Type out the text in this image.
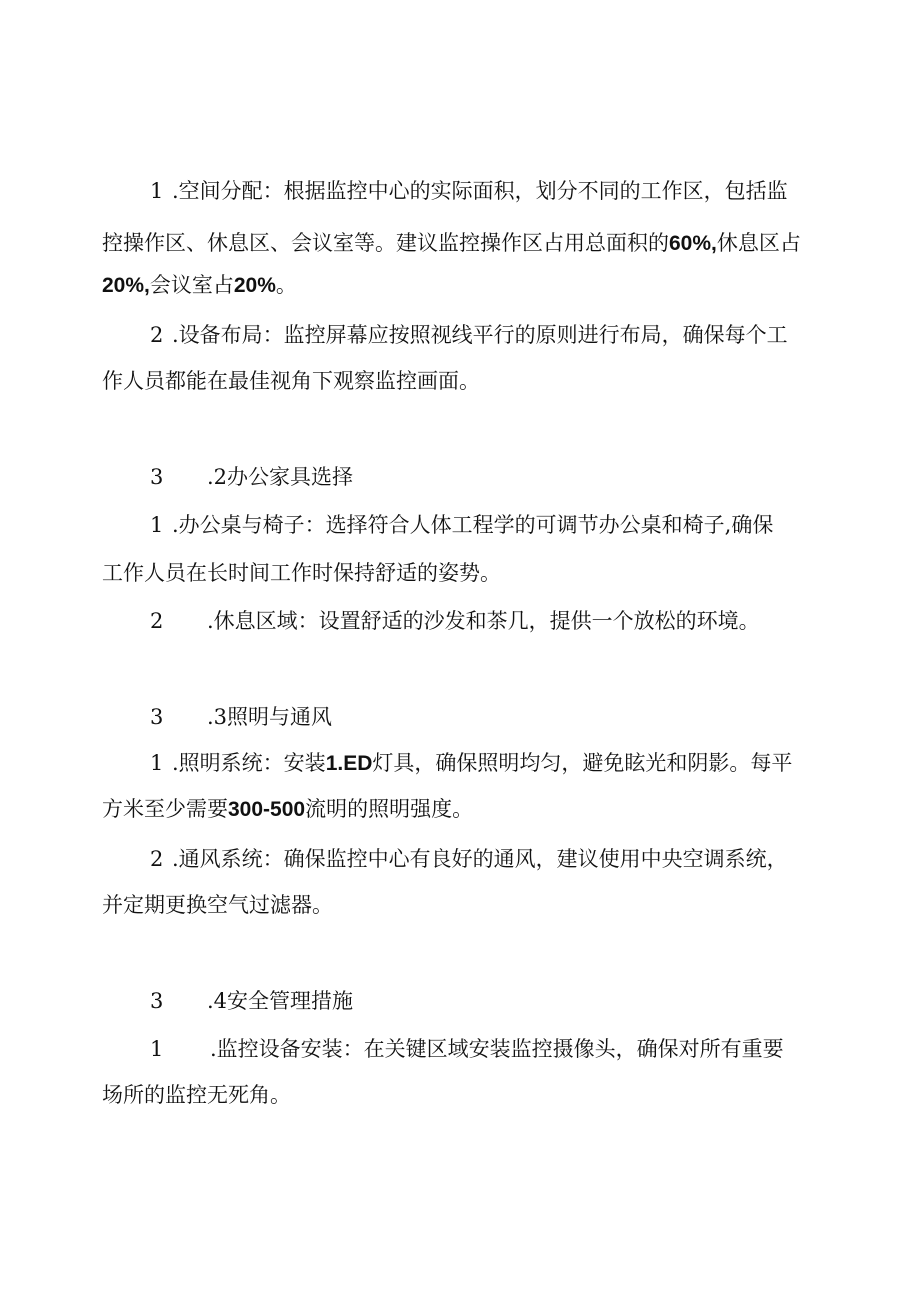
1 .空间分配：根据监控中心的实际面积，划分不同的工作区，包括监
控操作区、休息区、会议室等。建议监控操作区占用总面积的60%,休息区占
20%,会议室占20%。
2 .设备布局：监控屏幕应按照视线平行的原则进行布局，确保每个工
作人员都能在最佳视角下观察监控画面。
3 .2办公家具选择
1 .办公桌与椅子：选择符合人体工程学的可调节办公桌和椅子,确保
工作人员在长时间工作时保持舒适的姿势。
2 .休息区域：设置舒适的沙发和茶几，提供一个放松的环境。
3 .3照明与通风
1 .照明系统：安装1.ED灯具，确保照明均匀，避免眩光和阴影。每平
方米至少需要300-500流明的照明强度。
2 .通风系统：确保监控中心有良好的通风，建议使用中央空调系统，
并定期更换空气过滤器。
3 .4安全管理措施
1 .监控设备安装：在关键区域安装监控摄像头，确保对所有重要
场所的监控无死角。
